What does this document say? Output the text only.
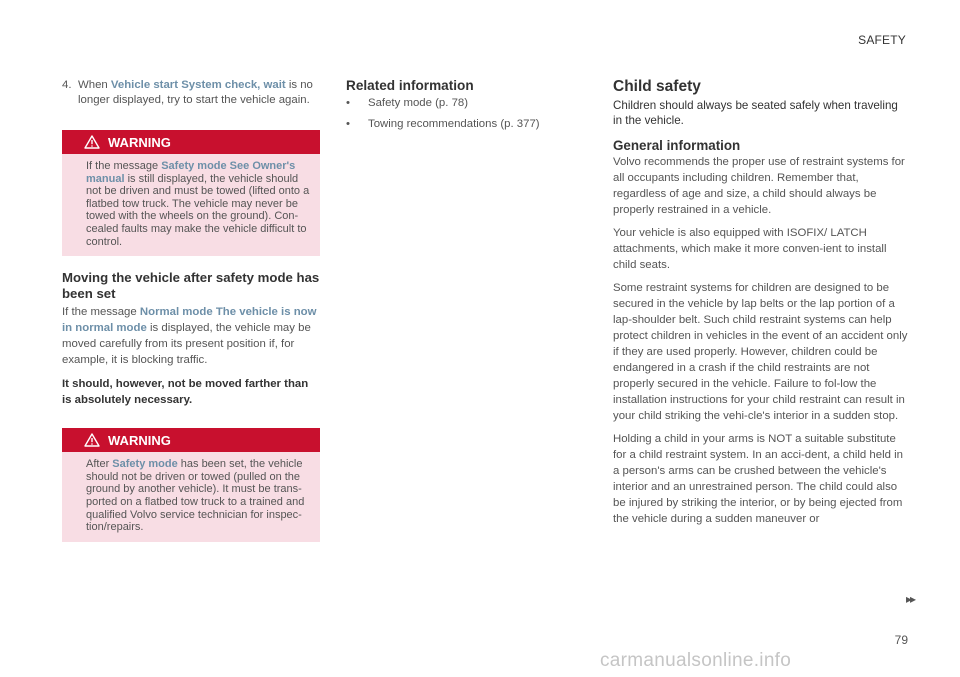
SAFETY
4. When Vehicle start System check, wait is no longer displayed, try to start the vehicle again.
WARNING
If the message Safety mode See Owner's manual is still displayed, the vehicle should not be driven and must be towed (lifted onto a flatbed tow truck. The vehicle may never be towed with the wheels on the ground). Con-cealed faults may make the vehicle difficult to control.
Moving the vehicle after safety mode has been set

If the message Normal mode The vehicle is now in normal mode is displayed, the vehicle may be moved carefully from its present position if, for example, it is blocking traffic.

It should, however, not be moved farther than is absolutely necessary.

WARNING
After Safety mode has been set, the vehicle should not be driven or towed (pulled on the ground by another vehicle). It must be trans-ported on a flatbed tow truck to a trained and qualified Volvo service technician for inspec-tion/repairs.
Related information
• Safety mode (p. 78)
• Towing recommendations (p. 377)
Child safety

Children should always be seated safely when traveling in the vehicle.

General information

Volvo recommends the proper use of restraint systems for all occupants including children. Remember that, regardless of age and size, a child should always be properly restrained in a vehicle.

Your vehicle is also equipped with ISOFIX/ LATCH attachments, which make it more conven-ient to install child seats.

Some restraint systems for children are designed to be secured in the vehicle by lap belts or the lap portion of a lap-shoulder belt. Such child restraint systems can help protect children in vehicles in the event of an accident only if they are used properly. However, children could be endangered in a crash if the child restraints are not properly secured in the vehicle. Failure to fol-low the installation instructions for your child restraint can result in your child striking the vehi-cle's interior in a sudden stop.

Holding a child in your arms is NOT a suitable substitute for a child restraint system. In an acci-dent, a child held in a person's arms can be crushed between the vehicle's interior and an unrestrained person. The child could also be injured by striking the interior, or by being ejected from the vehicle during a sudden maneuver or

▸▸
79
carmanualsonline.info
